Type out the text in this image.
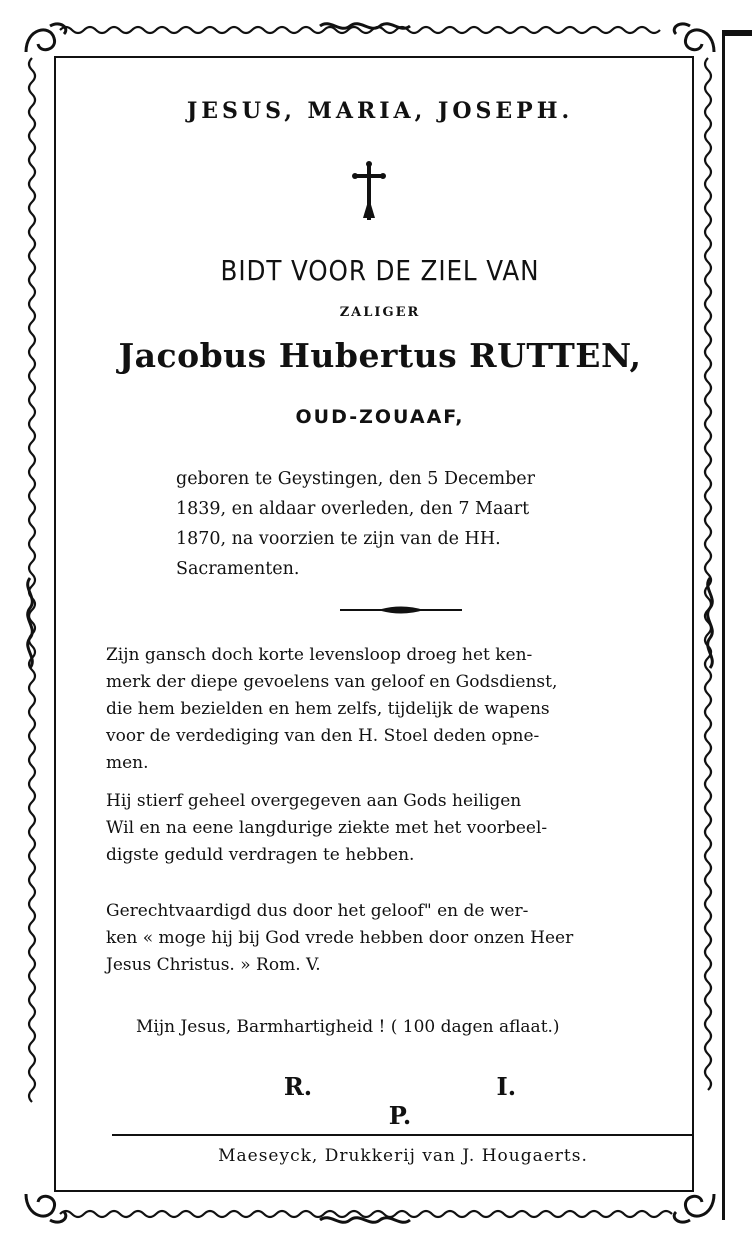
JESUS, MARIA, JOSEPH.
BIDT VOOR DE ZIEL VAN
ZALIGER
Jacobus Hubertus RUTTEN,
OUD-ZOUAAF,
geboren te Geystingen, den 5 December
1839, en aldaar overleden, den 7 Maart
1870, na voorzien te zijn van de HH.
Sacramenten.
Zijn gansch doch korte levensloop droeg het ken-
merk der diepe gevoelens van geloof en Godsdienst,
die hem bezielden en hem zelfs, tijdelijk de wapens
voor de verdediging van den H. Stoel deden opne-
men.
Hij stierf geheel overgegeven aan Gods heiligen
Wil en na eene langdurige ziekte met het voorbeel-
digste geduld verdragen te hebben.
Gerechtvaardigd dus door het geloof" en de wer-
ken « moge hij bij God vrede hebben door onzen Heer
Jesus Christus. » Rom. V.
Mijn Jesus, Barmhartigheid ! ( 100 dagen aflaat.)
R.	I. P.
Maeseyck, Drukkerij van J. Hougaerts.
